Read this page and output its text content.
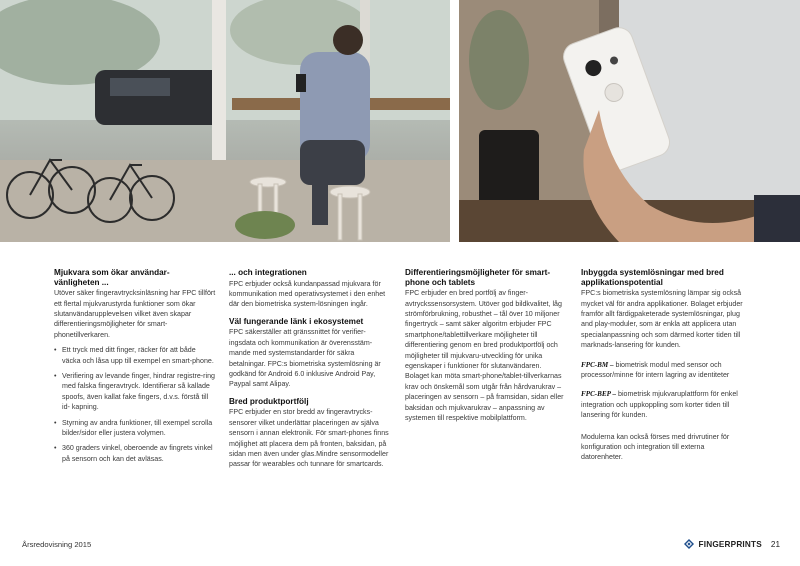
Mjukvara som ökar användar-
vänligheten ...
Utöver säker fingeravtrycksinläsning har FPC tillfört ett flertal mjukvarustyrda funktioner som ökar slutanvändarupplevelsen vilket även skapar differentieringsmöjligheter för smart-phonetillverkaren.
• Ett tryck med ditt finger, räcker för att både väcka och låsa upp till exempel en smart-phone.
• Verifiering av levande finger, hindrar registre-ring med falska fingeravtryck. Identifierar så kallade spoofs, även kallat fake fingers, d.v.s. förstå till id- kapning.
• Styrning av andra funktioner, till exempel scrolla bilder/sidor eller justera volymen.
• 360 graders vinkel, oberoende av fingrets vinkel på sensorn och kan det avläsas.
... och integrationen
FPC erbjuder också kundanpassad mjukvara för kommunikation med operativsystemet i den enhet där den biometriska system-lösningen ingår.
Väl fungerande länk i ekosystemet
FPC säkerställer att gränssnittet för verifier-ingsdata och kommunikation är överensstäm-mande med systemstandarder för säkra betalningar. FPC:s biometriska systemlösning är godkänd för Android 6.0 inklusive Android Pay, Paypal samt Alipay.
Bred produktportfölj
FPC erbjuder en stor bredd av fingeravtrycks-sensorer vilket underlättar placeringen av själva sensorn i annan elektronik. För smart-phones finns möjlighet att placera dem på fronten, baksidan, på sidan men även under glas.Mindre sensormodeller passar för wearables och tunnare för smartcards.
Differentieringsmöjligheter för smart-phone och tablets
FPC erbjuder en bred portfölj av finger-avtryckssensorsystem. Utöver god bildkvalitet, låg strömförbrukning, robusthet – tål över 10 miljoner fingertryck – samt säker algoritm erbjuder FPC smartphone/tablettillverkare möjligheter till differentiering genom en bred produktportfölj och möjligheter till mjukvaru-utveckling för unika egenskaper i funktioner för slutanvändaren. Bolaget kan möta smart-phone/tablet-tillverkarnas krav och önskemål som utgår från hårdvarukrav – placeringen av sensorn – på framsidan, sidan eller baksidan och mjukvarukrav – anpassning av systemen till respektive mobilplattform.
Inbyggda systemlösningar med bred applikationspotential
FPC:s biometriska systemlösning lämpar sig också mycket väl för andra applikationer. Bolaget erbjuder framför allt färdigpaketerade systemlösningar, plug and play-moduler, som är enkla att applicera utan specialanpassning och som därmed korter tiden till marknads-lansering för kunden.
FPC-BM – biometrisk modul med sensor och processor/minne för intern lagring av identiteter
FPC-BEP – biometrisk mjukvaruplattform för enkel integration och uppkoppling som korter tiden till lansering för kunden.
Modulerna kan också förses med drivrutiner för konfiguration och integration till externa datorenheter.
Årsredovisning 2015	FINGERPRINTS 21
